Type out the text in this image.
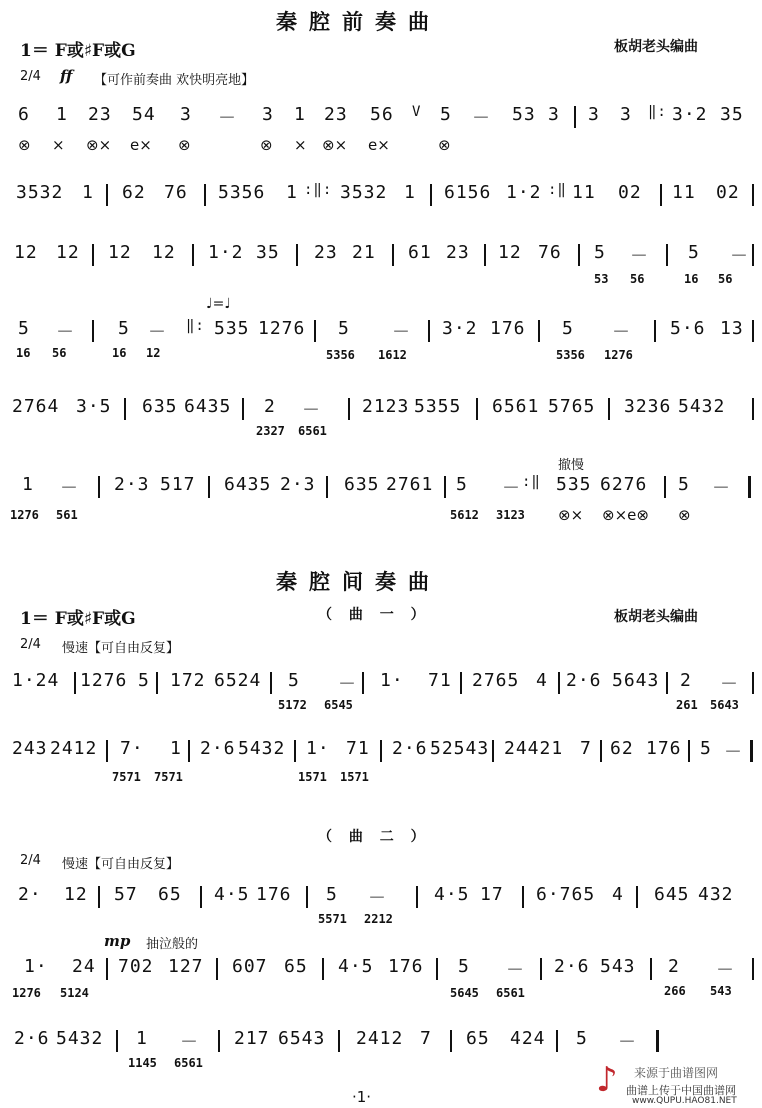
秦腔前奏曲
1＝ F或♯F或G	板胡老头编曲
2/4 ff 【可作前奏曲 欢快明亮地】
6 1 23 54 3 － 3 1 23 56 V 5 － 53 3 3 3 ‖: 3·2 35
⊗ × ⊗× e× ⊗	⊗ × ⊗× e×	⊗
3532 1 62 76 5356 1 :‖: 3532 1 6156 1·2 :‖ 11 02 11 02
12 12 12 12 1·2 35 23 21 61 23 12 76 5 － 5 －
53 56	16 56
♩=♩
5 － 5 － ‖: 535 1276 5 － 3·2 176 5 － 5·6 13
16 56	16 12	5356 1612	5356 1276
2764 3·5 635 6435 2 － 2123 5355 6561 5765 3236 5432
2327 6561
撤慢
1 － 2·3 517 6435 2·3 635 2761 5 － :‖ 535 6276 5 －
1276 561	5612 3123 ⊗× ⊗×e⊗ ⊗
秦腔间奏曲
1＝ F或♯F或G	（ 曲 一 ）	板胡老头编曲
2/4 慢速【可自由反复】
1·24 1276 5 172 6524 5 － 1· 71 2765 4 2·6 5643 2 －
5172 6545	261 5643
243 2412 7· 1 2·6 5432 1· 71 2·6 52543 24421 7 62 176 5 －
7571 7571	1571 1571
（ 曲 二 ）
2/4 慢速【可自由反复】
2· 12 57 65 4·5 176 5 －	4·5 17 6·765 4 645 432
5571 2212
mp 抽泣般的
1· 24 702 127 607 65 4·5 176 5 － 2·6 543 2 －
1276 5124	5645 6561	266 543
2·6 5432 1 － 217 6543 2412 7 65 424 5 －
1145 6561
·1·	♪ 来源于曲谱图网
曲谱上传于中国曲谱网
www.QUPU.HAO81.NET
